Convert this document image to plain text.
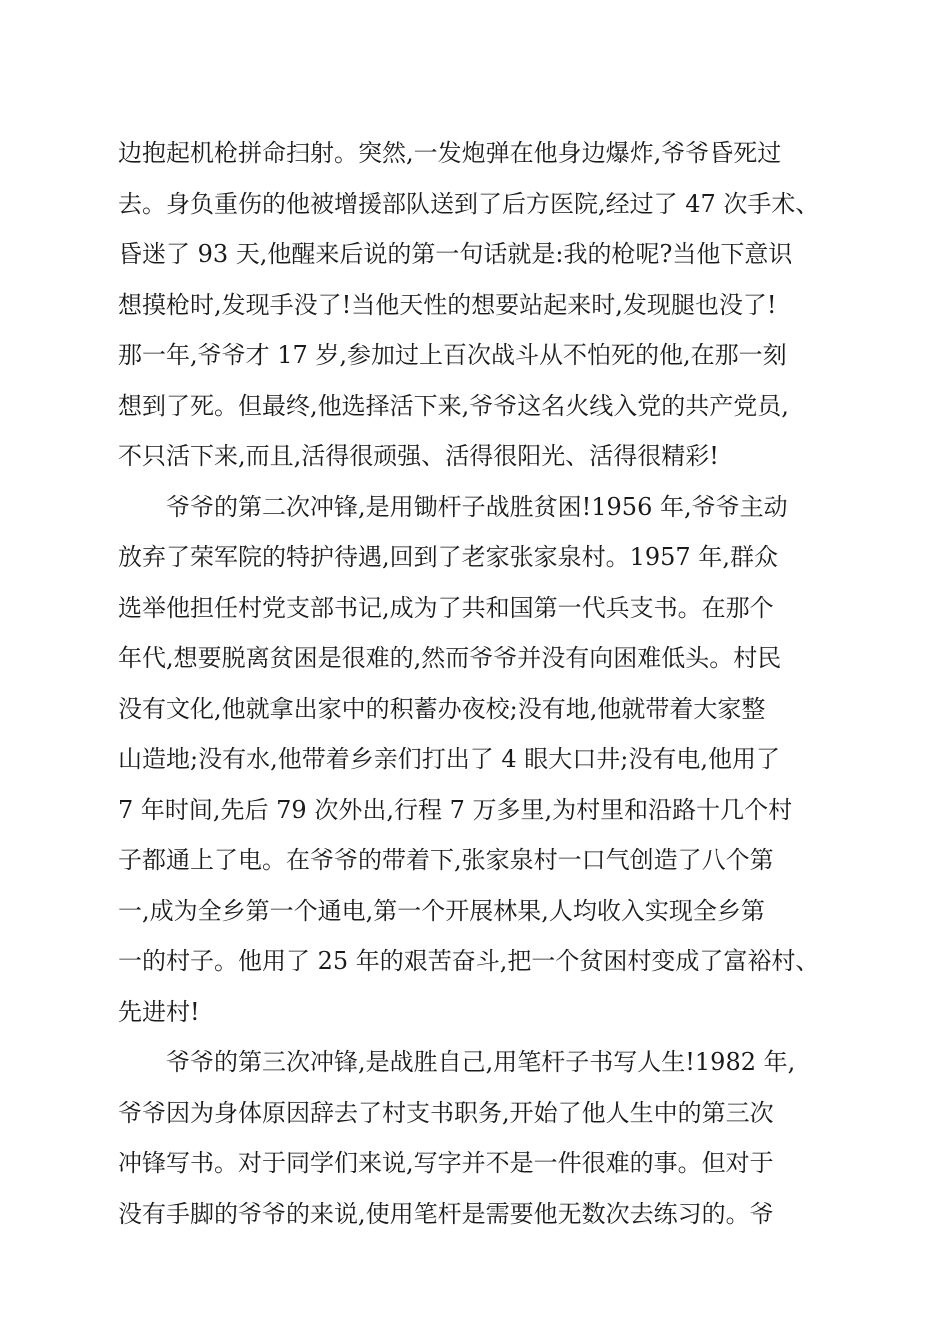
边抱起机枪拼命扫射。突然,一发炮弹在他身边爆炸,爷爷昏死过
去。身负重伤的他被增援部队送到了后方医院,经过了 47 次手术、
昏迷了 93 天,他醒来后说的第一句话就是:我的枪呢?当他下意识
想摸枪时,发现手没了!当他天性的想要站起来时,发现腿也没了!
那一年,爷爷才 17 岁,参加过上百次战斗从不怕死的他,在那一刻
想到了死。但最终,他选择活下来,爷爷这名火线入党的共产党员,
不只活下来,而且,活得很顽强、活得很阳光、活得很精彩!
爷爷的第二次冲锋,是用锄杆子战胜贫困!1956 年,爷爷主动
放弃了荣军院的特护待遇,回到了老家张家泉村。1957 年,群众
选举他担任村党支部书记,成为了共和国第一代兵支书。在那个
年代,想要脱离贫困是很难的,然而爷爷并没有向困难低头。村民
没有文化,他就拿出家中的积蓄办夜校;没有地,他就带着大家整
山造地;没有水,他带着乡亲们打出了 4 眼大口井;没有电,他用了
7 年时间,先后 79 次外出,行程 7 万多里,为村里和沿路十几个村
子都通上了电。在爷爷的带着下,张家泉村一口气创造了八个第
一,成为全乡第一个通电,第一个开展林果,人均收入实现全乡第
一的村子。他用了 25 年的艰苦奋斗,把一个贫困村变成了富裕村、
先进村!
爷爷的第三次冲锋,是战胜自己,用笔杆子书写人生!1982 年,
爷爷因为身体原因辞去了村支书职务,开始了他人生中的第三次
冲锋写书。对于同学们来说,写字并不是一件很难的事。但对于
没有手脚的爷爷的来说,使用笔杆是需要他无数次去练习的。爷
